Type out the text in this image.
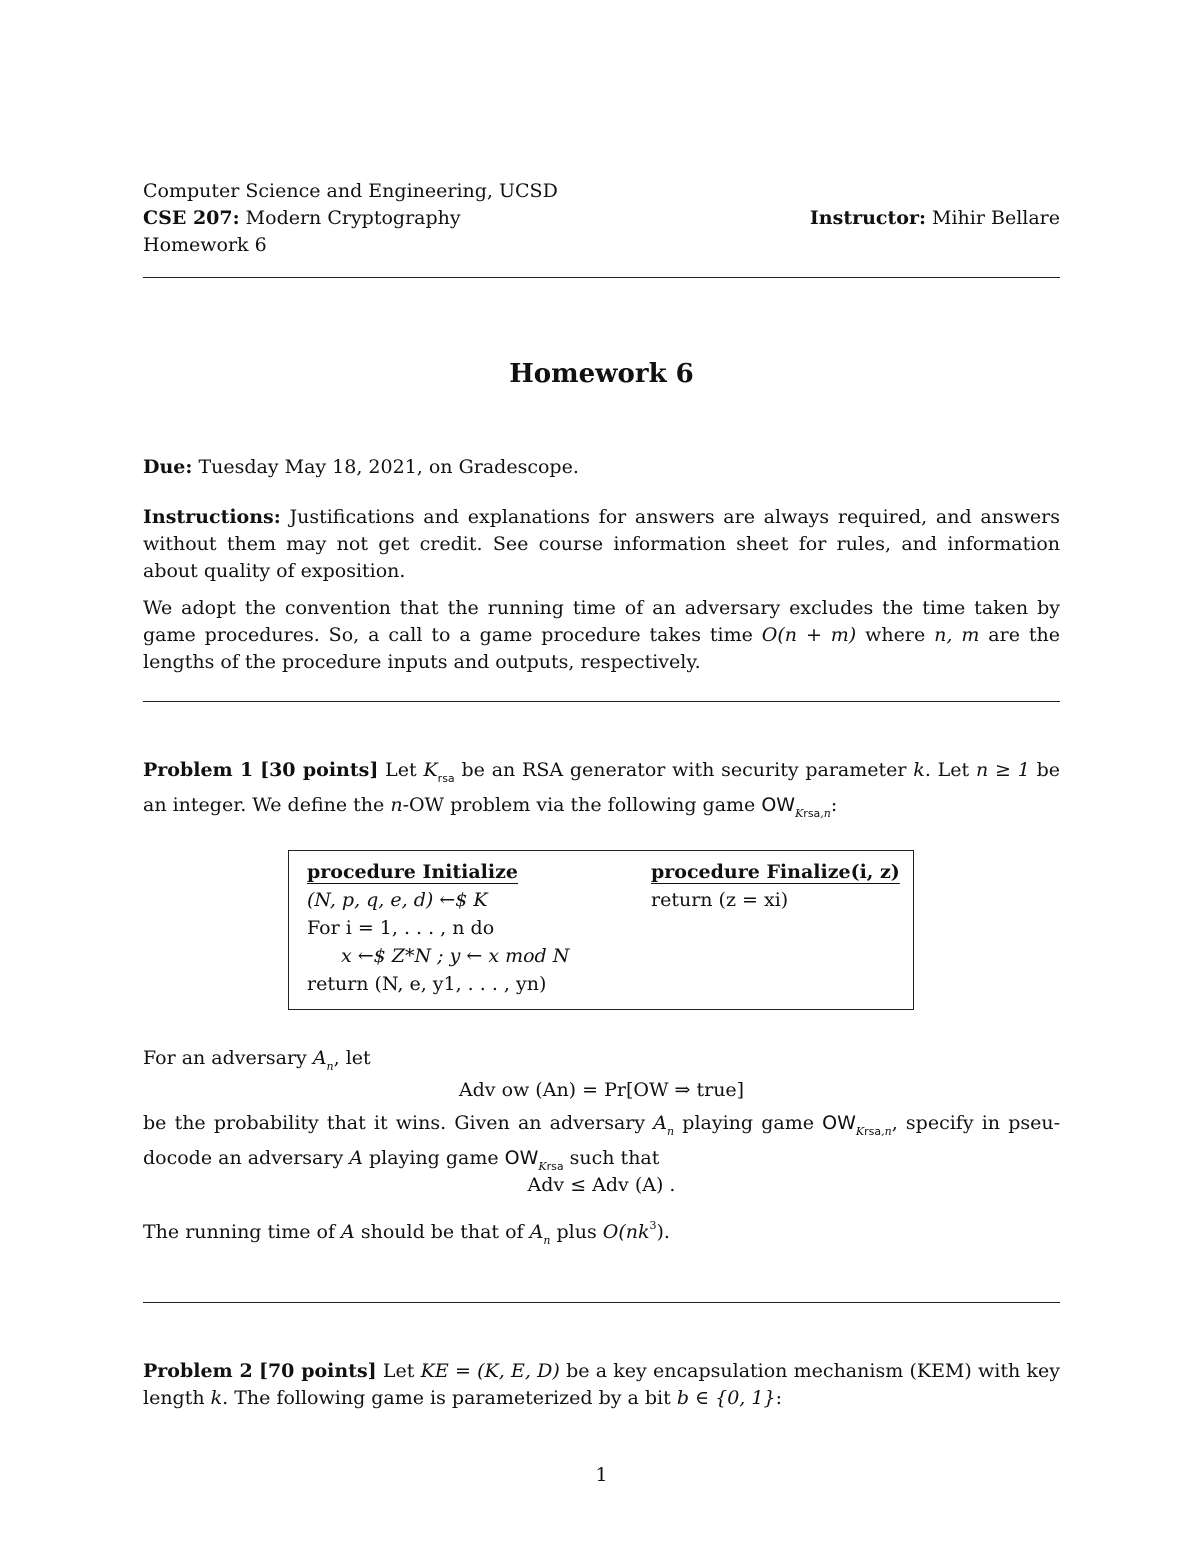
Computer Science and Engineering, UCSD
CSE 207: Modern Cryptography	Instructor: Mihir Bellare
Homework 6
Homework 6
Due: Tuesday May 18, 2021, on Gradescope.
Instructions: Justifications and explanations for answers are always required, and answers without them may not get credit. See course information sheet for rules, and information about quality of exposition.
We adopt the convention that the running time of an adversary excludes the time taken by game procedures. So, a call to a game procedure takes time O(n + m) where n, m are the lengths of the procedure inputs and outputs, respectively.
Problem 1 [30 points] Let $K_{rsa}$ be an RSA generator with security parameter k. Let n ≥ 1 be an integer. We define the n-OW problem via the following game $OW_{Krsa,n}$:
procedure Initialize
(N, p, q, e, d) ←$ K
For i = 1, . . . , n do
x ←$ Z*N ; y ← x mod N
return (N, e, y1, . . . , yn)
procedure Finalize(i, z)
return (z = xi)
For an adversary $A_n$, let
Adv ow (An) = Pr[OW ⇒ true]
be the probability that it wins. Given an adversary $A_n$ playing game $OW_{Krsa,n}$, specify in pseu- docode an adversary A playing game $OW_{Krsa}$ such that
Adv ≤ Adv (A) .
The running time of A should be that of $A_n$ plus $O(nk^3)$.
Problem 2 [70 points] Let KE = (K, E, D) be a key encapsulation mechanism (KEM) with key length k. The following game is parameterized by a bit b ∈ {0, 1}:
1
